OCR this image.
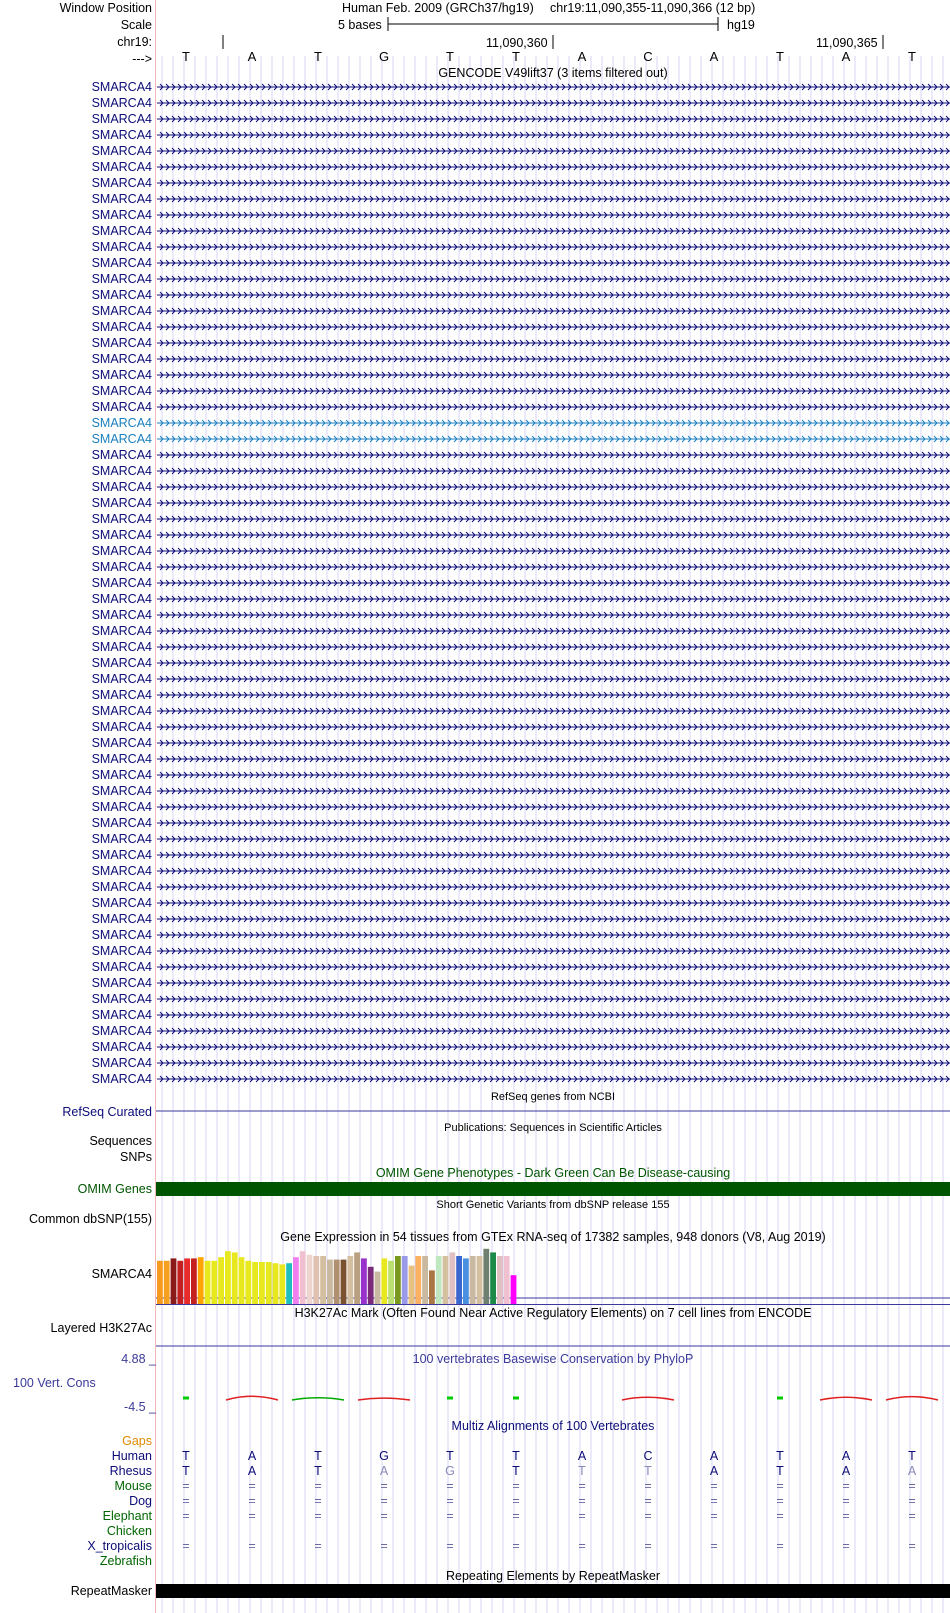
Window Position
Scale
chr19:
--->
Human Feb. 2009 (GRCh37/hg19) chr19:11,090,355-11,090,366 (12 bp)
5 bases	hg19
11,090,360	11,090,365
T	A	T	G	T	T	A	C	A	T	A	T
GENCODE V49lift37 (3 items filtered out)
SMARCA4
SMARCA4
SMARCA4
SMARCA4
SMARCA4
SMARCA4
SMARCA4
SMARCA4
SMARCA4
SMARCA4
SMARCA4
SMARCA4
SMARCA4
SMARCA4
SMARCA4
SMARCA4
SMARCA4
SMARCA4
SMARCA4
SMARCA4
SMARCA4
SMARCA4
SMARCA4
SMARCA4
SMARCA4
SMARCA4
SMARCA4
SMARCA4
SMARCA4
SMARCA4
SMARCA4
SMARCA4
SMARCA4
SMARCA4
SMARCA4
SMARCA4
SMARCA4
SMARCA4
SMARCA4
SMARCA4
SMARCA4
SMARCA4
SMARCA4
SMARCA4
SMARCA4
SMARCA4
SMARCA4
SMARCA4
SMARCA4
SMARCA4
SMARCA4
SMARCA4
SMARCA4
SMARCA4
SMARCA4
SMARCA4
SMARCA4
SMARCA4
SMARCA4
SMARCA4
SMARCA4
SMARCA4
SMARCA4
RefSeq genes from NCBI
RefSeq Curated
Publications: Sequences in Scientific Articles
Sequences
SNPs
OMIM Gene Phenotypes - Dark Green Can Be Disease-causing
OMIM Genes
Short Genetic Variants from dbSNP release 155
Common dbSNP(155)
Gene Expression in 54 tissues from GTEx RNA-seq of 17382 samples, 948 donors (V8, Aug 2019)
SMARCA4
H3K27Ac Mark (Often Found Near Active Regulatory Elements) on 7 cell lines from ENCODE
Layered H3K27Ac
100 vertebrates Basewise Conservation by PhyloP
4.88 _
100 Vert. Cons
-4.5 _
Multiz Alignments of 100 Vertebrates
Gaps
Human T	A	T	G	T	T	A	C	A	T	A	T
Rhesus T	A	T	A	G	T	T	T	A	T	A	A
Mouse =	=	=	=	=	=	=	=	=	=	=	=
Dog =	=	=	=	=	=	=	=	=	=	=	=
Elephant =	=	=	=	=	=	=	=	=	=	=	=
Chicken
X_tropicalis =	=	=	=	=	=	=	=	=	=	=	=
Zebrafish
Repeating Elements by RepeatMasker
RepeatMasker
